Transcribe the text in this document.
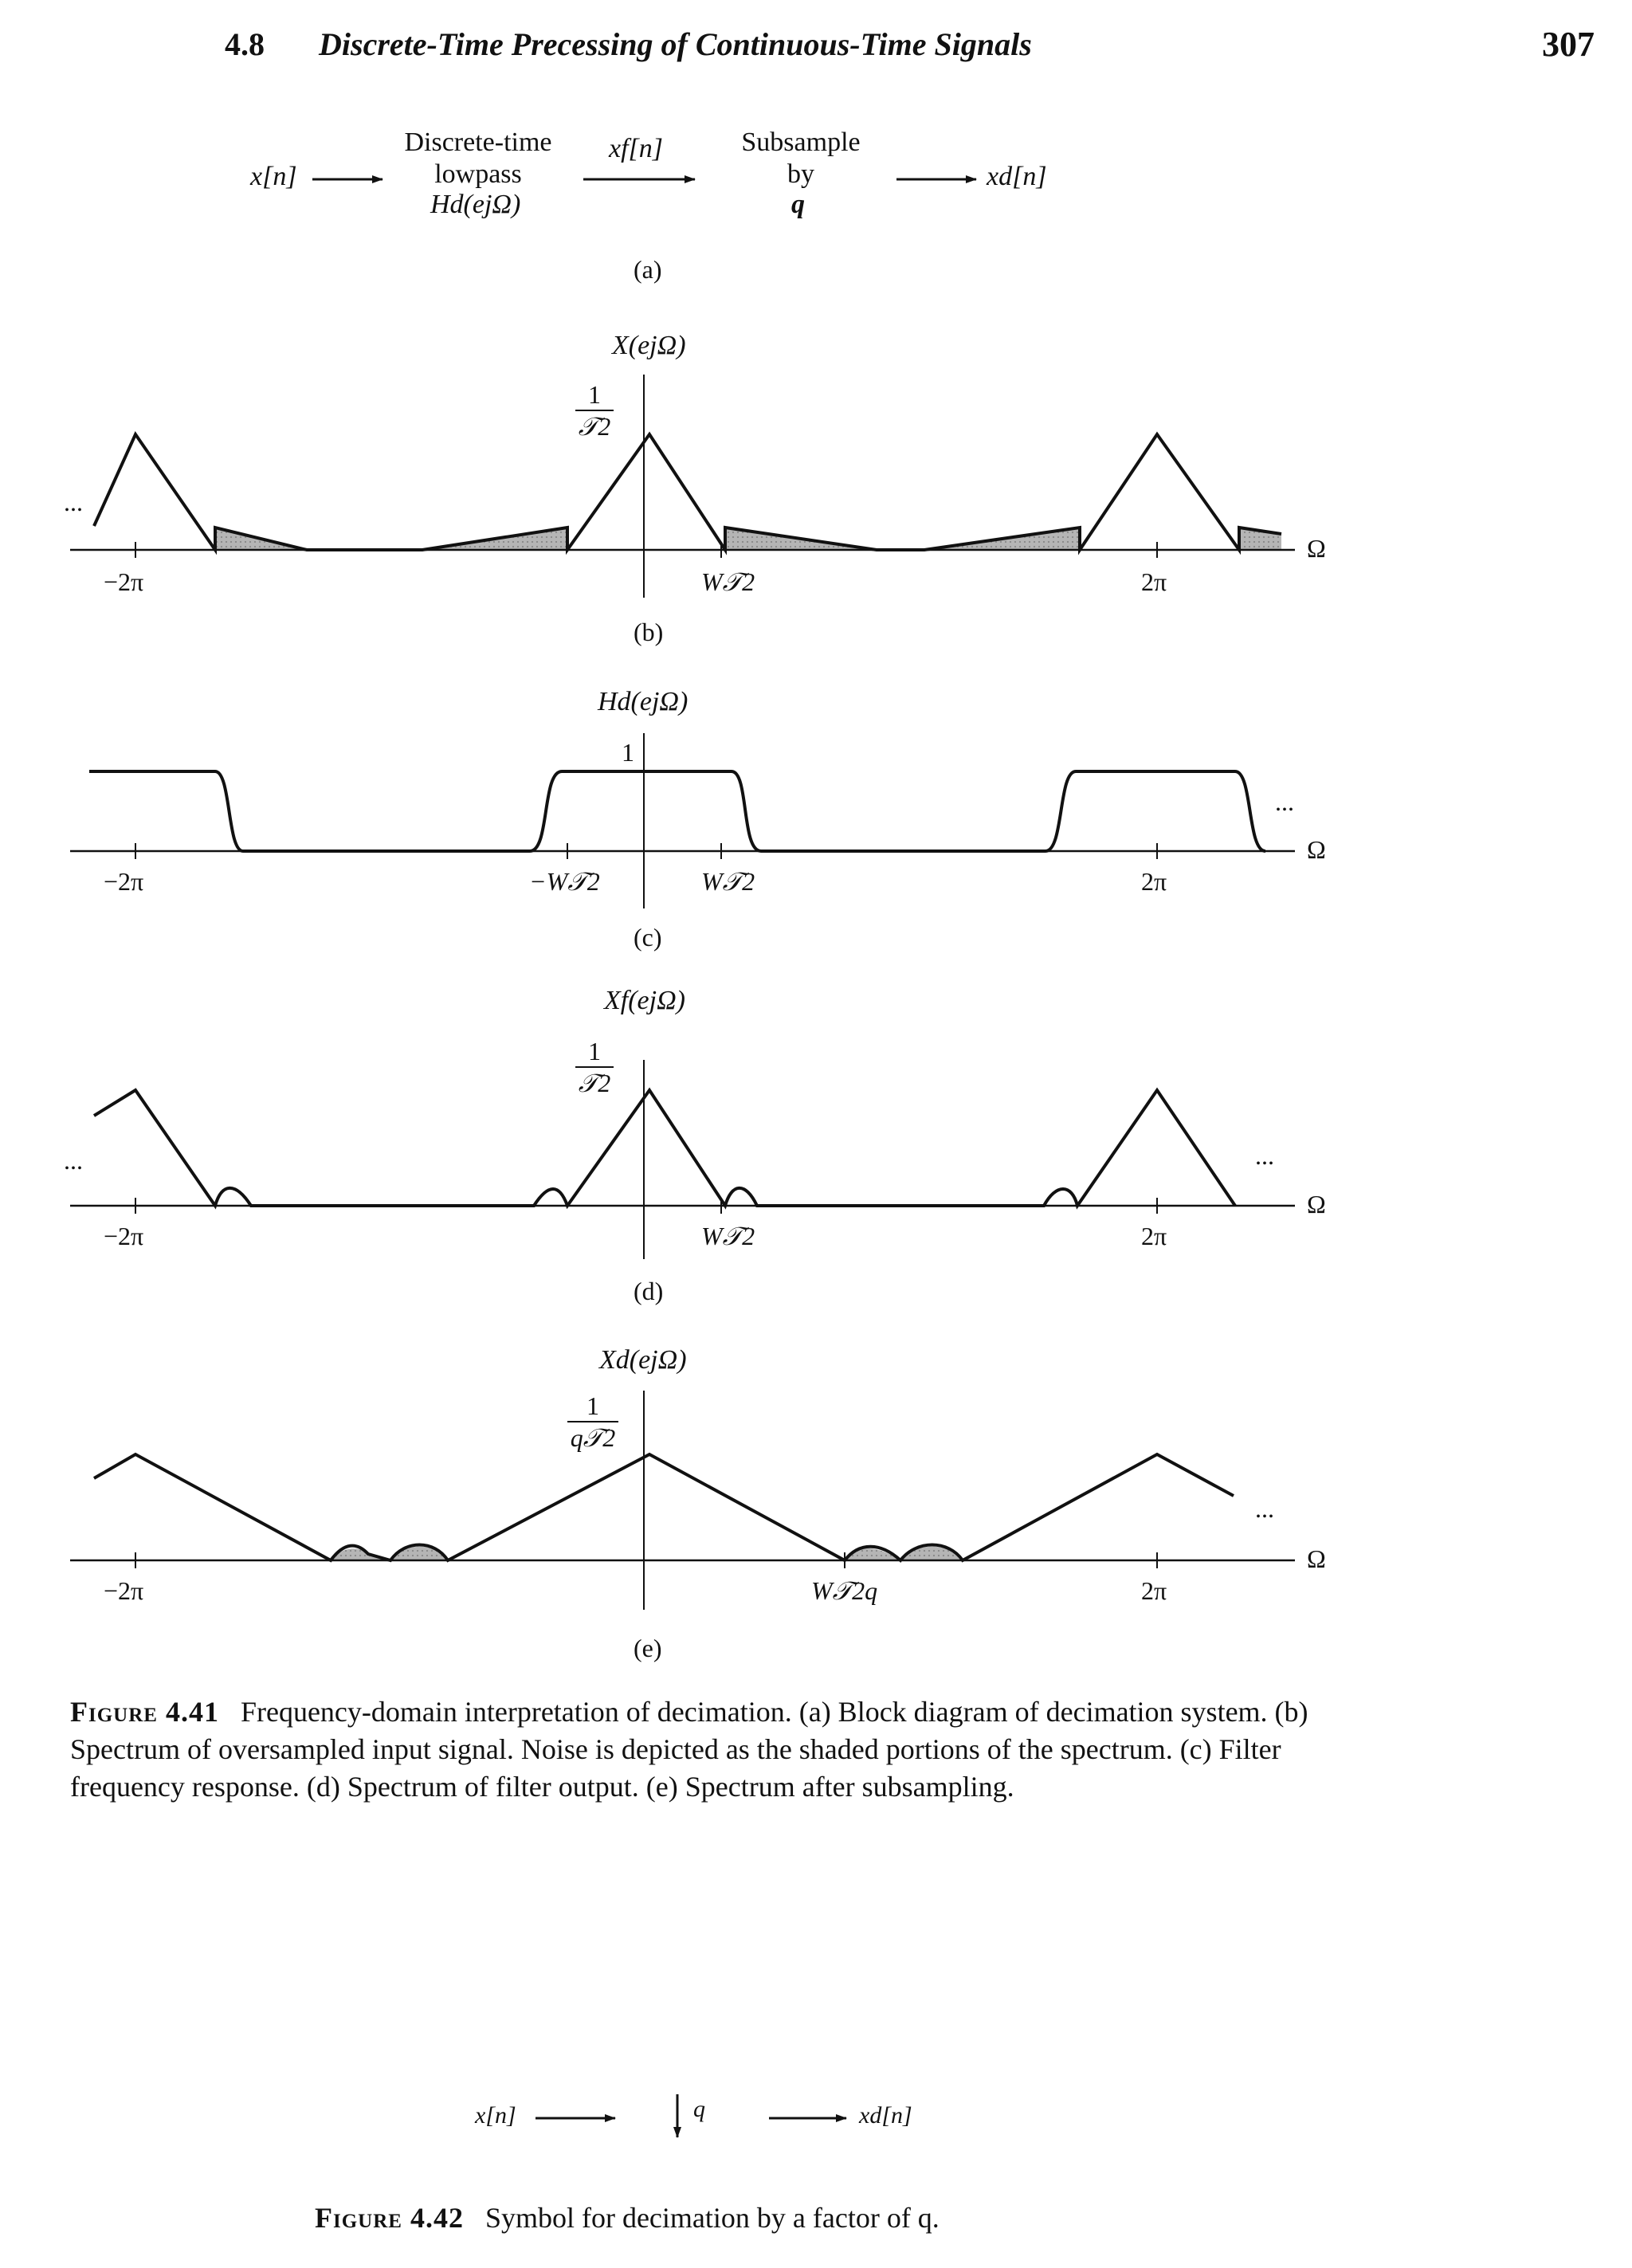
4.8 Discrete-Time Precessing of Continuous-Time Signals	307
x[n]
Discrete-time
lowpass
Hd(ejΩ)
xf[n]	Subsample
by
q
xd[n]
(a)
X(ejΩ)
1
𝒯2
...
−2π	W𝒯2	2π
Ω
(b)
Hd(ejΩ)
1
...
−2π	−W𝒯2	W𝒯2	2π
Ω
(c)
Xf(ejΩ)
1
𝒯2
...	...
−2π	W𝒯2	2π
Ω
(d)
Xd(ejΩ)
1
q𝒯2
...
−2π	W𝒯2q	2π
Ω
(e)
Figure 4.41 Frequency-domain interpretation of decimation. (a) Block diagram of decimation system. (b) Spectrum of oversampled input signal. Noise is depicted as the shaded portions of the spectrum. (c) Filter frequency response. (d) Spectrum of filter output. (e) Spectrum after subsampling.
x[n]	q	xd[n]
Figure 4.42 Symbol for decimation by a factor of q.
